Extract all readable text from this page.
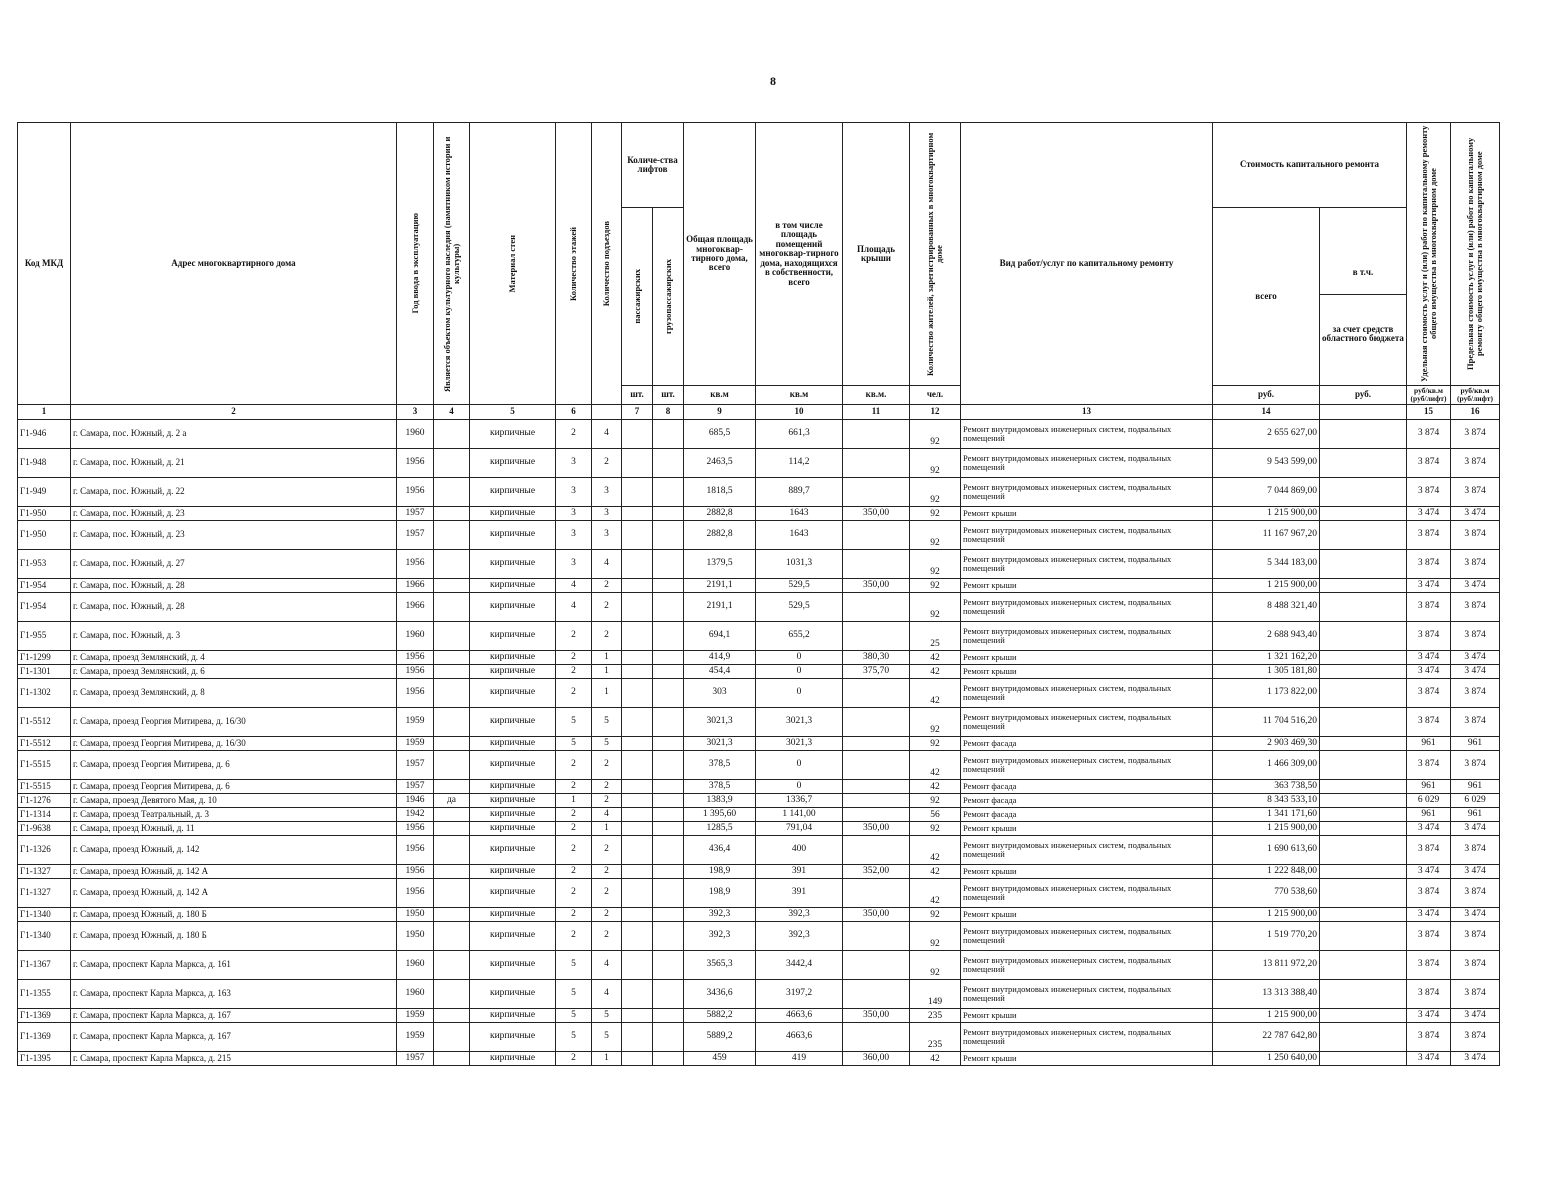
8
Код МКД	Адрес многоквартирного дома	Год ввода в эксплуатацию	Является объектом культурного наследия (памятником истории и культуры)	Материал стен	Количество этажей	Количество подъездов	Количе-ства лифтов		Общая площадь многоквар-тирного дома, всего	в том числе площадь помещений многоквар-тирного дома, находящихся в собственности, всего	Площадь крыши	Количество жителей, зарегистрированных в многоквартирном доме	Вид работ/услуг по капитальному ремонту	Стоимость капитального ремонта		Удельная стоимость услуг и (или) работ по капитальному ремонту общего имущества в многоквартирном доме	Предельная стоимость услуг и (или) работ по капитальному ремонту общего имущества в многоквартирном доме

							пассажирских	грузопассажирских						всего	в т.ч.
за счет средств областного бюджета		

							шт.	шт.	кв.м	кв.м	кв.м.	чел.		руб.	руб.	руб/кв.м (руб/лифт)	руб/кв.м (руб/лифт)
1	2	3	4	5	6		7	8	9	10	11	12	13	14		15	16
Г1-946	г. Самара, пос. Южный, д. 2 а	1960		кирпичные	2	4			685,5	661,3		92	Ремонт внутридомовых инженерных систем, подвальных помещений	2 655 627,00		3 874	3 874
Г1-948	г. Самара, пос. Южный, д. 21	1956		кирпичные	3	2			2463,5	114,2		92	Ремонт внутридомовых инженерных систем, подвальных помещений	9 543 599,00		3 874	3 874
Г1-949	г. Самара, пос. Южный, д. 22	1956		кирпичные	3	3			1818,5	889,7		92	Ремонт внутридомовых инженерных систем, подвальных помещений	7 044 869,00		3 874	3 874
Г1-950	г. Самара, пос. Южный, д. 23	1957		кирпичные	3	3			2882,8	1643	350,00	92	Ремонт крыши	1 215 900,00		3 474	3 474
Г1-950	г. Самара, пос. Южный, д. 23	1957		кирпичные	3	3			2882,8	1643		92	Ремонт внутридомовых инженерных систем, подвальных помещений	11 167 967,20		3 874	3 874
Г1-953	г. Самара, пос. Южный, д. 27	1956		кирпичные	3	4			1379,5	1031,3		92	Ремонт внутридомовых инженерных систем, подвальных помещений	5 344 183,00		3 874	3 874
Г1-954	г. Самара, пос. Южный, д. 28	1966		кирпичные	4	2			2191,1	529,5	350,00	92	Ремонт крыши	1 215 900,00		3 474	3 474
Г1-954	г. Самара, пос. Южный, д. 28	1966		кирпичные	4	2			2191,1	529,5		92	Ремонт внутридомовых инженерных систем, подвальных помещений	8 488 321,40		3 874	3 874
Г1-955	г. Самара, пос. Южный, д. 3	1960		кирпичные	2	2			694,1	655,2		25	Ремонт внутридомовых инженерных систем, подвальных помещений	2 688 943,40		3 874	3 874
Г1-1299	г. Самара, проезд Землянский, д. 4	1956		кирпичные	2	1			414,9	0	380,30	42	Ремонт крыши	1 321 162,20		3 474	3 474
Г1-1301	г. Самара, проезд Землянский, д. 6	1956		кирпичные	2	1			454,4	0	375,70	42	Ремонт крыши	1 305 181,80		3 474	3 474
Г1-1302	г. Самара, проезд Землянский, д. 8	1956		кирпичные	2	1			303	0		42	Ремонт внутридомовых инженерных систем, подвальных помещений	1 173 822,00		3 874	3 874
Г1-5512	г. Самара, проезд Георгия Митирева, д. 16/30	1959		кирпичные	5	5			3021,3	3021,3		92	Ремонт внутридомовых инженерных систем, подвальных помещений	11 704 516,20		3 874	3 874
Г1-5512	г. Самара, проезд Георгия Митирева, д. 16/30	1959		кирпичные	5	5			3021,3	3021,3		92	Ремонт фасада	2 903 469,30		961	961
Г1-5515	г. Самара, проезд Георгия Митирева, д. 6	1957		кирпичные	2	2			378,5	0		42	Ремонт внутридомовых инженерных систем, подвальных помещений	1 466 309,00		3 874	3 874
Г1-5515	г. Самара, проезд Георгия Митирева, д. 6	1957		кирпичные	2	2			378,5	0		42	Ремонт фасада	363 738,50		961	961
Г1-1276	г. Самара, проезд Девятого Мая, д. 10	1946	да	кирпичные	1	2			1383,9	1336,7		92	Ремонт фасада	8 343 533,10		6 029	6 029
Г1-1314	г. Самара, проезд Театральный, д. 3	1942		кирпичные	2	4			1 395,60	1 141,00		56	Ремонт фасада	1 341 171,60		961	961
Г1-9638	г. Самара, проезд Южный, д. 11	1956		кирпичные	2	1			1285,5	791,04	350,00	92	Ремонт крыши	1 215 900,00		3 474	3 474
Г1-1326	г. Самара, проезд Южный, д. 142	1956		кирпичные	2	2			436,4	400		42	Ремонт внутридомовых инженерных систем, подвальных помещений	1 690 613,60		3 874	3 874
Г1-1327	г. Самара, проезд Южный, д. 142 А	1956		кирпичные	2	2			198,9	391	352,00	42	Ремонт крыши	1 222 848,00		3 474	3 474
Г1-1327	г. Самара, проезд Южный, д. 142 А	1956		кирпичные	2	2			198,9	391		42	Ремонт внутридомовых инженерных систем, подвальных помещений	770 538,60		3 874	3 874
Г1-1340	г. Самара, проезд Южный, д. 180 Б	1950		кирпичные	2	2			392,3	392,3	350,00	92	Ремонт крыши	1 215 900,00		3 474	3 474
Г1-1340	г. Самара, проезд Южный, д. 180 Б	1950		кирпичные	2	2			392,3	392,3		92	Ремонт внутридомовых инженерных систем, подвальных помещений	1 519 770,20		3 874	3 874
Г1-1367	г. Самара, проспект Карла Маркса, д. 161	1960		кирпичные	5	4			3565,3	3442,4		92	Ремонт внутридомовых инженерных систем, подвальных помещений	13 811 972,20		3 874	3 874
Г1-1355	г. Самара, проспект Карла Маркса, д. 163	1960		кирпичные	5	4			3436,6	3197,2		149	Ремонт внутридомовых инженерных систем, подвальных помещений	13 313 388,40		3 874	3 874
Г1-1369	г. Самара, проспект Карла Маркса, д. 167	1959		кирпичные	5	5			5882,2	4663,6	350,00	235	Ремонт крыши	1 215 900,00		3 474	3 474
Г1-1369	г. Самара, проспект Карла Маркса, д. 167	1959		кирпичные	5	5			5889,2	4663,6		235	Ремонт внутридомовых инженерных систем, подвальных помещений	22 787 642,80		3 874	3 874
Г1-1395	г. Самара, проспект Карла Маркса, д. 215	1957		кирпичные	2	1			459	419	360,00	42	Ремонт крыши	1 250 640,00		3 474	3 474
